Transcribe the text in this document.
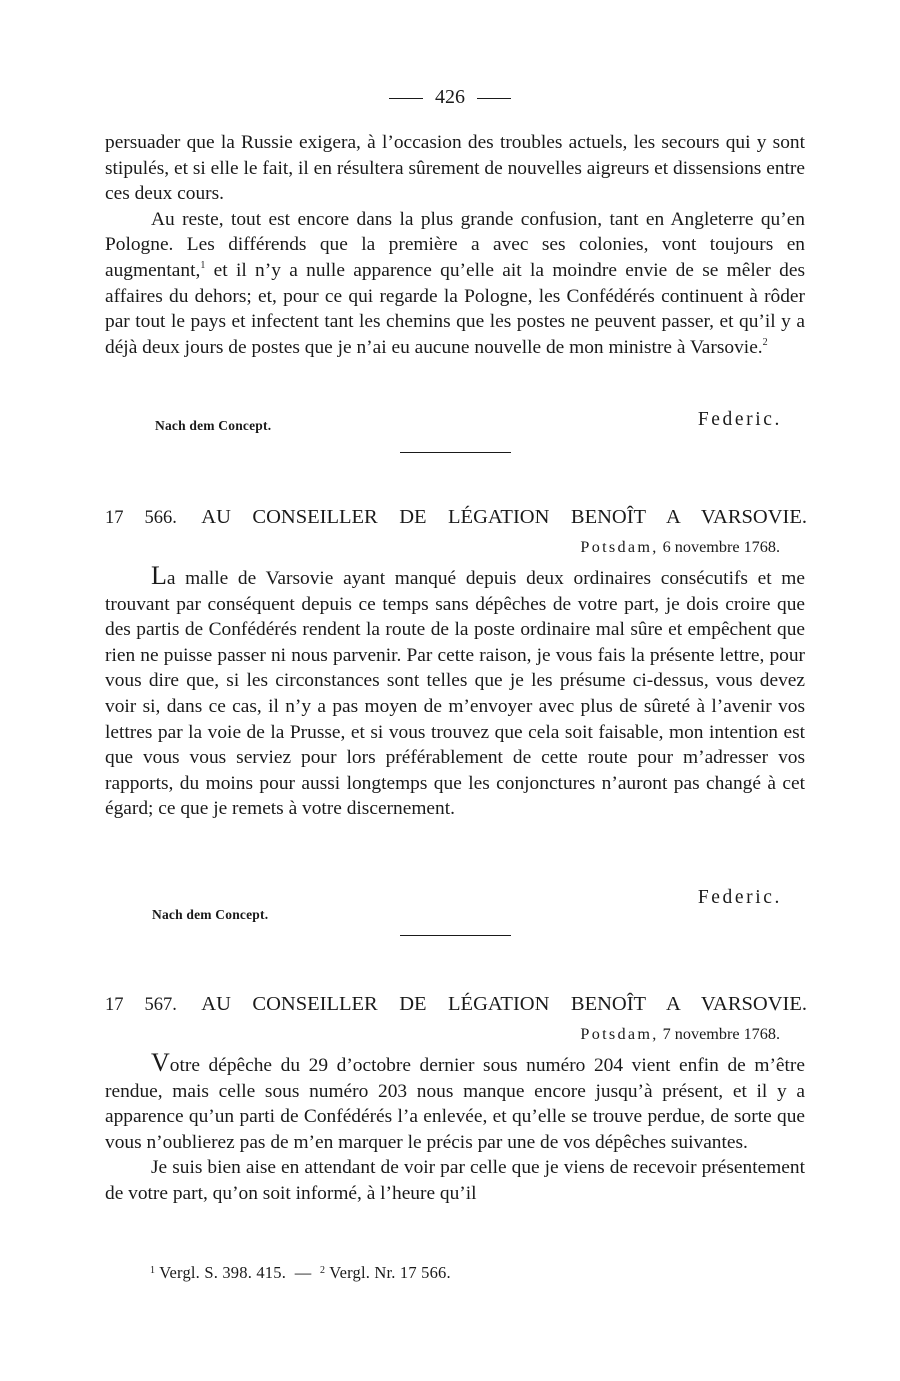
426
persuader que la Russie exigera, à l’occasion des troubles actuels, les secours qui y sont stipulés, et si elle le fait, il en résultera sûrement de nouvelles aigreurs et dissensions entre ces deux cours.
Au reste, tout est encore dans la plus grande confusion, tant en Angleterre qu’en Pologne. Les différends que la première a avec ses colonies, vont toujours en augmentant,$^1$ et il n’y a nulle apparence qu’elle ait la moindre envie de se mêler des affaires du dehors; et, pour ce qui regarde la Pologne, les Confédérés continuent à rôder par tout le pays et infectent tant les chemins que les postes ne peuvent passer, et qu’il y a déjà deux jours de postes que je n’ai eu aucune nouvelle de mon ministre à Varsovie.$^2$
Nach dem Concept.	Federic.
17 566. AU CONSEILLER DE LÉGATION BENOÎT A VARSOVIE.
Potsdam, 6 novembre 1768.
La malle de Varsovie ayant manqué depuis deux ordinaires consécutifs et me trouvant par conséquent depuis ce temps sans dépêches de votre part, je dois croire que des partis de Confédérés rendent la route de la poste ordinaire mal sûre et empêchent que rien ne puisse passer ni nous parvenir. Par cette raison, je vous fais la présente lettre, pour vous dire que, si les circonstances sont telles que je les présume ci-dessus, vous devez voir si, dans ce cas, il n’y a pas moyen de m’envoyer avec plus de sûreté à l’avenir vos lettres par la voie de la Prusse, et si vous trouvez que cela soit faisable, mon intention est que vous vous serviez pour lors préférablement de cette route pour m’adresser vos rapports, du moins pour aussi longtemps que les conjonctures n’auront pas changé à cet égard; ce que je remets à votre discernement.
Federic.
Nach dem Concept.
17 567. AU CONSEILLER DE LÉGATION BENOÎT A VARSOVIE.
Potsdam, 7 novembre 1768.
Votre dépêche du 29 d’octobre dernier sous numéro 204 vient enfin de m’être rendue, mais celle sous numéro 203 nous manque encore jusqu’à présent, et il y a apparence qu’un parti de Confédérés l’a enlevée, et qu’elle se trouve perdue, de sorte que vous n’oublierez pas de m’en marquer le précis par une de vos dépêches suivantes.
Je suis bien aise en attendant de voir par celle que je viens de recevoir présentement de votre part, qu’on soit informé, à l’heure qu’il
$^1$ Vergl. S. 398. 415. — $^2$ Vergl. Nr. 17 566.
